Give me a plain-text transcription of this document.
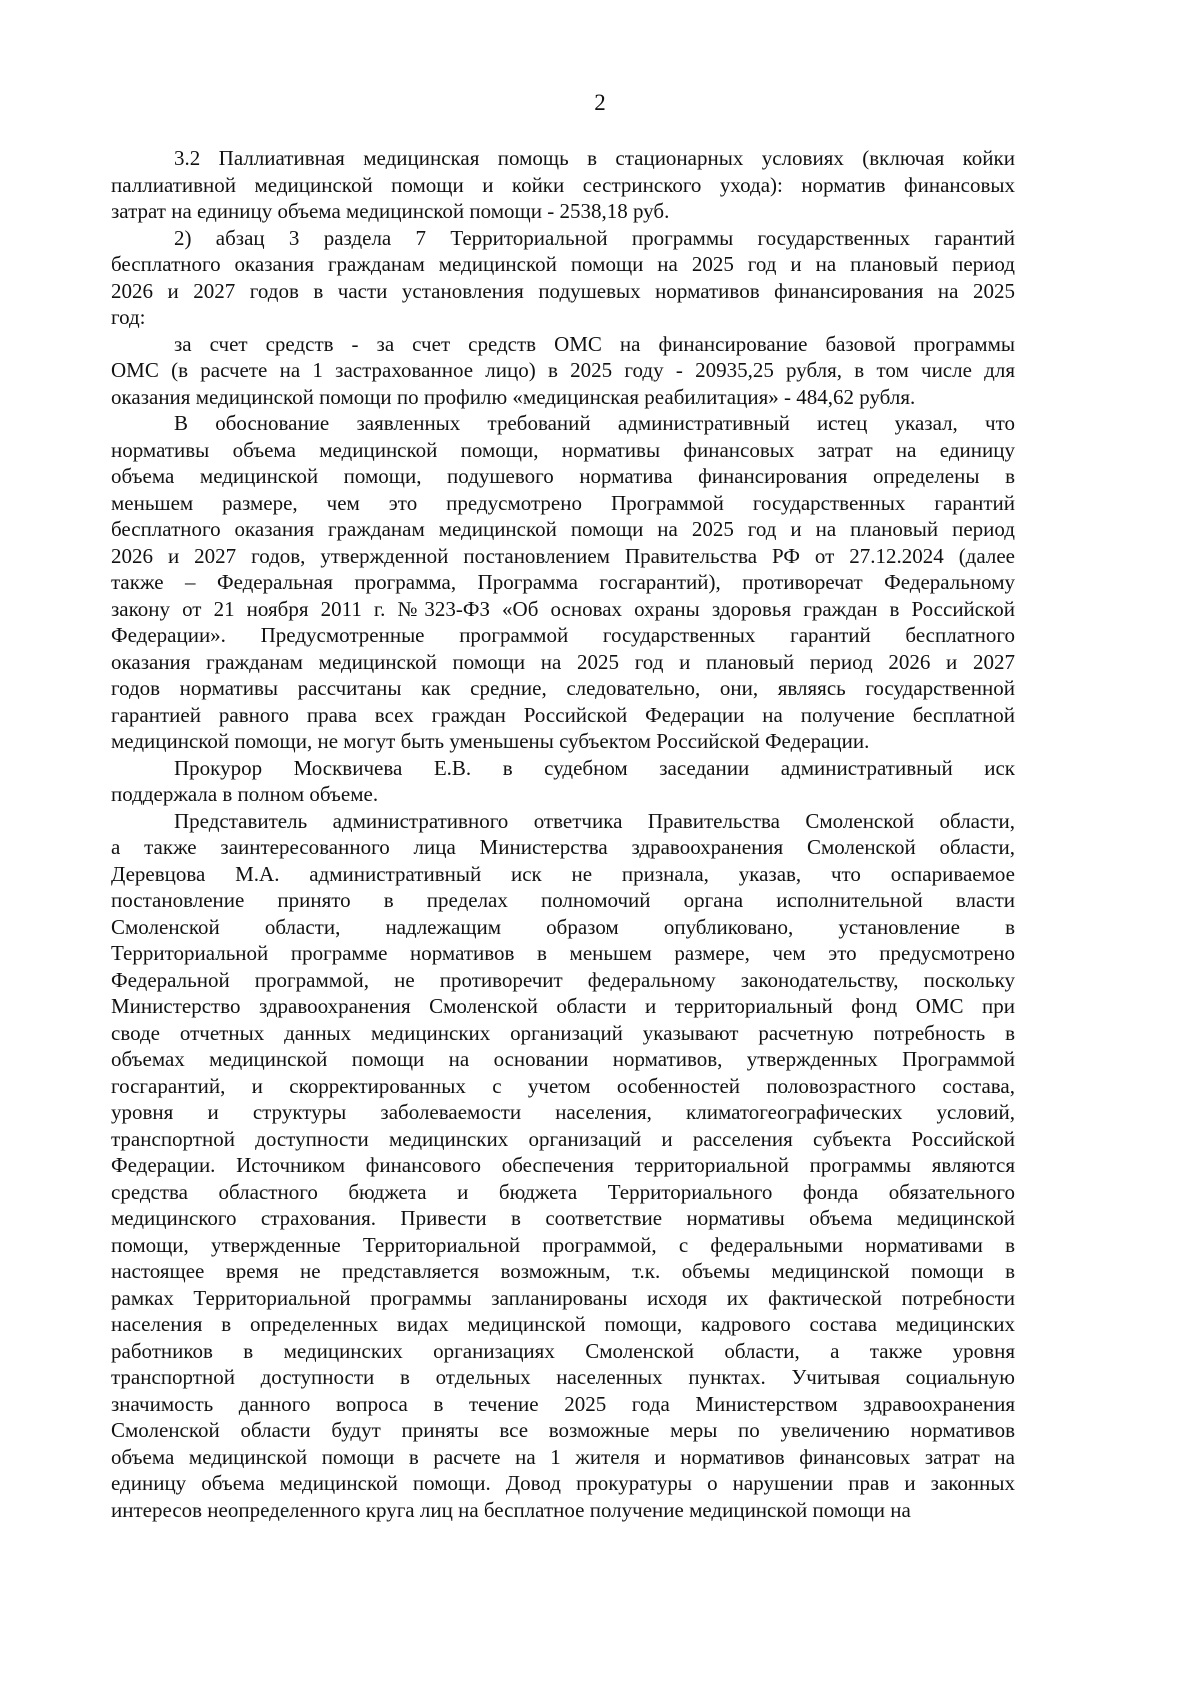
2
3.2 Паллиативная медицинская помощь в стационарных условиях (включая койки
паллиативной медицинской помощи и койки сестринского ухода): норматив финансовых
затрат на единицу объема медицинской помощи - 2538,18 руб.
2) абзац 3 раздела 7 Территориальной программы государственных гарантий
бесплатного оказания гражданам медицинской помощи на 2025 год и на плановый период
2026 и 2027 годов в части установления подушевых нормативов финансирования на 2025
год:
за счет средств - за счет средств ОМС на финансирование базовой программы
ОМС (в расчете на 1 застрахованное лицо) в 2025 году - 20935,25 рубля, в том числе для
оказания медицинской помощи по профилю «медицинская реабилитация» - 484,62 рубля.
В обоснование заявленных требований административный истец указал, что
нормативы объема медицинской помощи, нормативы финансовых затрат на единицу
объема медицинской помощи, подушевого норматива финансирования определены в
меньшем размере, чем это предусмотрено Программой государственных гарантий
бесплатного оказания гражданам медицинской помощи на 2025 год и на плановый период
2026 и 2027 годов, утвержденной постановлением Правительства РФ от 27.12.2024 (далее
также – Федеральная программа, Программа госгарантий), противоречат Федеральному
закону от 21 ноября 2011 г. №323-ФЗ «Об основах охраны здоровья граждан в Российской
Федерации». Предусмотренные программой государственных гарантий бесплатного
оказания гражданам медицинской помощи на 2025 год и плановый период 2026 и 2027
годов нормативы рассчитаны как средние, следовательно, они, являясь государственной
гарантией равного права всех граждан Российской Федерации на получение бесплатной
медицинской помощи, не могут быть уменьшены субъектом Российской Федерации.
Прокурор Москвичева Е.В. в судебном заседании административный иск
поддержала в полном объеме.
Представитель административного ответчика Правительства Смоленской области,
а также заинтересованного лица Министерства здравоохранения Смоленской области,
Деревцова М.А. административный иск не признала, указав, что оспариваемое
постановление принято в пределах полномочий органа исполнительной власти
Смоленской области, надлежащим образом опубликовано, установление в
Территориальной программе нормативов в меньшем размере, чем это предусмотрено
Федеральной программой, не противоречит федеральному законодательству, поскольку
Министерство здравоохранения Смоленской области и территориальный фонд ОМС при
своде отчетных данных медицинских организаций указывают расчетную потребность в
объемах медицинской помощи на основании нормативов, утвержденных Программой
госгарантий, и скорректированных с учетом особенностей половозрастного состава,
уровня и структуры заболеваемости населения, климатогеографических условий,
транспортной доступности медицинских организаций и расселения субъекта Российской
Федерации. Источником финансового обеспечения территориальной программы являются
средства областного бюджета и бюджета Территориального фонда обязательного
медицинского страхования. Привести в соответствие нормативы объема медицинской
помощи, утвержденные Территориальной программой, с федеральными нормативами в
настоящее время не представляется возможным, т.к. объемы медицинской помощи в
рамках Территориальной программы запланированы исходя их фактической потребности
населения в определенных видах медицинской помощи, кадрового состава медицинских
работников в медицинских организациях Смоленской области, а также уровня
транспортной доступности в отдельных населенных пунктах. Учитывая социальную
значимость данного вопроса в течение 2025 года Министерством здравоохранения
Смоленской области будут приняты все возможные меры по увеличению нормативов
объема медицинской помощи в расчете на 1 жителя и нормативов финансовых затрат на
единицу объема медицинской помощи. Довод прокуратуры о нарушении прав и законных
интересов неопределенного круга лиц на бесплатное получение медицинской помощи на
